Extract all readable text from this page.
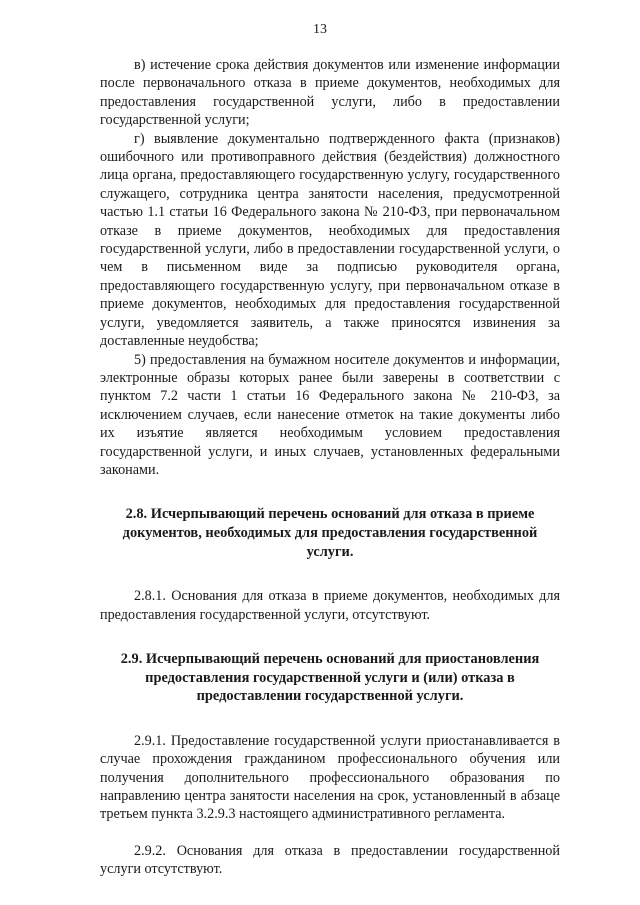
13

в) истечение срока действия документов или изменение информации после первоначального отказа в приеме документов, необходимых для предоставления государственной услуги, либо в предоставлении государственной услуги;

г) выявление документально подтвержденного факта (признаков) ошибочного или противоправного действия (бездействия) должностного лица органа, предоставляющего государственную услугу, государственного служащего, сотрудника центра занятости населения, предусмотренной частью 1.1 статьи 16 Федерального закона № 210-ФЗ, при первоначальном отказе в приеме документов, необходимых для предоставления государственной услуги, либо в предоставлении государственной услуги, о чем в письменном виде за подписью руководителя органа, предоставляющего государственную услугу, при первоначальном отказе в приеме документов, необходимых для предоставления государственной услуги, уведомляется заявитель, а также приносятся извинения за доставленные неудобства;

5) предоставления на бумажном носителе документов и информации, электронные образы которых ранее были заверены в соответствии с пунктом 7.2 части 1 статьи 16 Федерального закона № 210-ФЗ, за исключением случаев, если нанесение отметок на такие документы либо их изъятие является необходимым условием предоставления государственной услуги, и иных случаев, установленных федеральными законами.

2.8. Исчерпывающий перечень оснований для отказа в приеме документов, необходимых для предоставления государственной услуги.

2.8.1. Основания для отказа в приеме документов, необходимых для предоставления государственной услуги, отсутствуют.

2.9. Исчерпывающий перечень оснований для приостановления предоставления государственной услуги и (или) отказа в предоставлении государственной услуги.

2.9.1. Предоставление государственной услуги приостанавливается в случае прохождения гражданином профессионального обучения или получения дополнительного профессионального образования по направлению центра занятости населения на срок, установленный в абзаце третьем пункта 3.2.9.3 настоящего административного регламента.

2.9.2. Основания для отказа в предоставлении государственной услуги отсутствуют.
